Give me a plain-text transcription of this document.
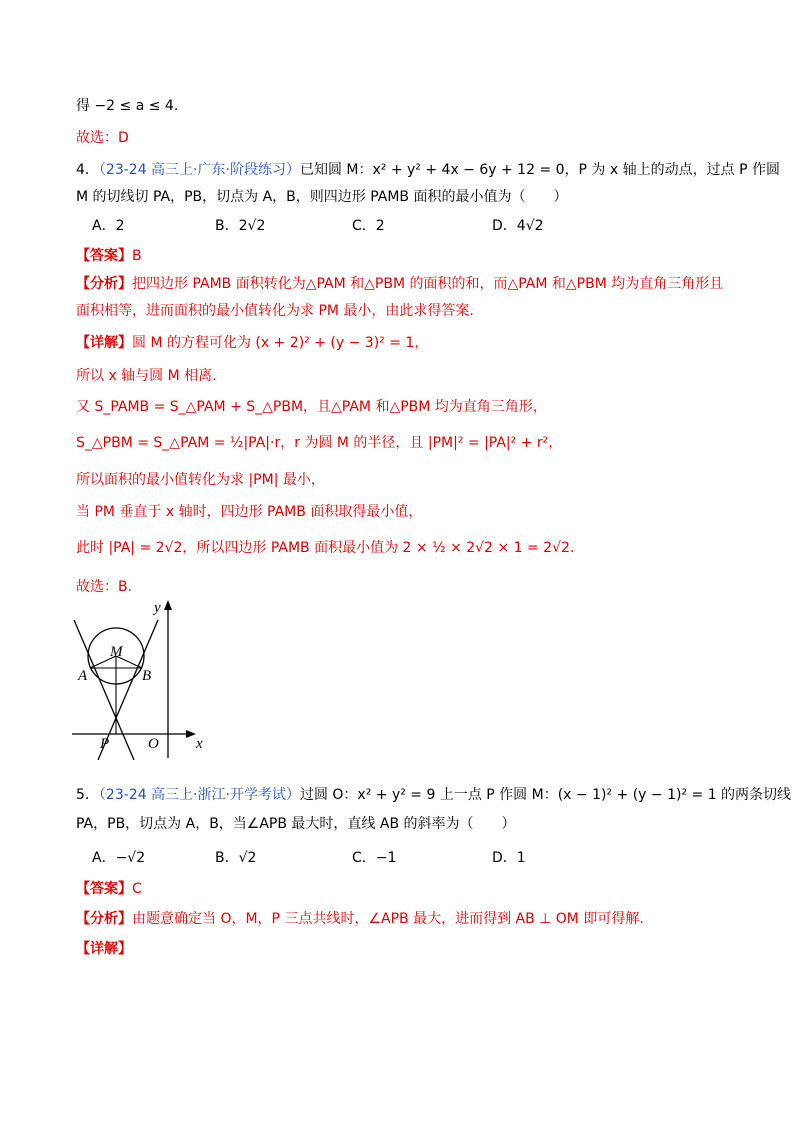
得 −2 ≤ a ≤ 4.
故选：D
4．（23-24 高三上·广东·阶段练习）已知圆 M：x² + y² + 4x − 6y + 12 = 0，P 为 x 轴上的动点，过点 P 作圆
M 的切线切 PA，PB，切点为 A，B，则四边形 PAMB 面积的最小值为（　　）
A．2	B．2√2	C．2	D．4√2
【答案】B
【分析】把四边形 PAMB 面积转化为△PAM 和△PBM 的面积的和，而△PAM 和△PBM 均为直角三角形且
面积相等，进而面积的最小值转化为求 PM 最小，由此求得答案.
【详解】圆 M 的方程可化为 (x + 2)² + (y − 3)² = 1，
所以 x 轴与圆 M 相离.
又 S_PAMB = S_△PAM + S_△PBM，且△PAM 和△PBM 均为直角三角形，
S_△PBM = S_△PAM = ½|PA|·r，r 为圆 M 的半径，且 |PM|² = |PA|² + r²，
所以面积的最小值转化为求 |PM| 最小，
当 PM 垂直于 x 轴时，四边形 PAMB 面积取得最小值，
此时 |PA| = 2√2，所以四边形 PAMB 面积最小值为 2 × ½ × 2√2 × 1 = 2√2.
故选：B.
y
x
M
A	B
P	O
5．（23-24 高三上·浙江·开学考试）过圆 O：x² + y² = 9 上一点 P 作圆 M：(x − 1)² + (y − 1)² = 1 的两条切线
PA，PB，切点为 A，B，当∠APB 最大时，直线 AB 的斜率为（　　）
A．−√2	B．√2	C．−1	D．1
【答案】C
【分析】由题意确定当 O，M，P 三点共线时，∠APB 最大，进而得到 AB ⊥ OM 即可得解.
【详解】
